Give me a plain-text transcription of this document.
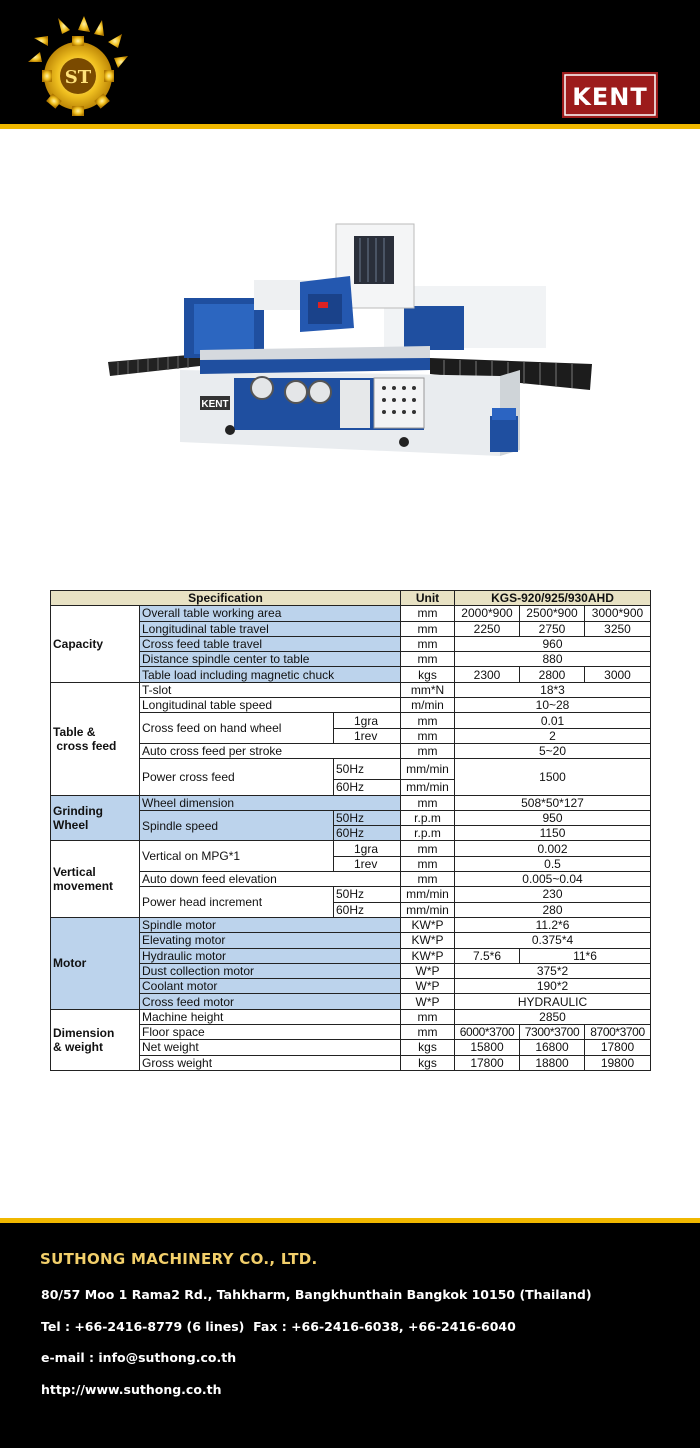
ST
KENT
KENT
Specification			Unit	KGS-920/925/930AHD		
Capacity	Overall table working area		mm	2000*900	2500*900	3000*900
	Longitudinal table travel		mm	2250	2750	3250
	Cross feed table travel		mm	960		
	Distance spindle center to table		mm	880		
	Table load including magnetic chuck		kgs	2300	2800	3000
Table &
cross feed	T-slot		mm*N	18*3		
	Longitudinal table speed		m/min	10~28		
	Cross feed on hand wheel	1gra	mm	0.01		
		1rev	mm	2		
	Auto cross feed per stroke		mm	5~20		
	Power cross feed	50Hz	mm/min	1500		
		60Hz	mm/min			
Grinding
Wheel	Wheel dimension		mm	508*50*127		
	Spindle speed	50Hz	r.p.m	950		
		60Hz	r.p.m	1150		
Vertical
movement	Vertical on MPG*1	1gra	mm	0.002		
		1rev	mm	0.5		
	Auto down feed elevation		mm	0.005~0.04		
	Power head increment	50Hz	mm/min	230		
		60Hz	mm/min	280		
Motor	Spindle motor		KW*P	11.2*6		
	Elevating motor		KW*P	0.375*4		
	Hydraulic motor		KW*P	7.5*6	11*6	
	Dust collection motor		W*P	375*2		
	Coolant motor		W*P	190*2		
	Cross feed motor		W*P	HYDRAULIC		
Dimension
& weight	Machine height		mm	2850		
	Floor space		mm	6000*3700	7300*3700	8700*3700
	Net weight		kgs	15800	16800	17800
	Gross weight		kgs	17800	18800	19800
SUTHONG MACHINERY CO., LTD.
80/57 Moo 1 Rama2 Rd., Tahkharm, Bangkhunthain Bangkok 10150 (Thailand)
Tel : +66-2416-8779 (6 lines)  Fax : +66-2416-6038, +66-2416-6040
e-mail : info@suthong.co.th
http://www.suthong.co.th
